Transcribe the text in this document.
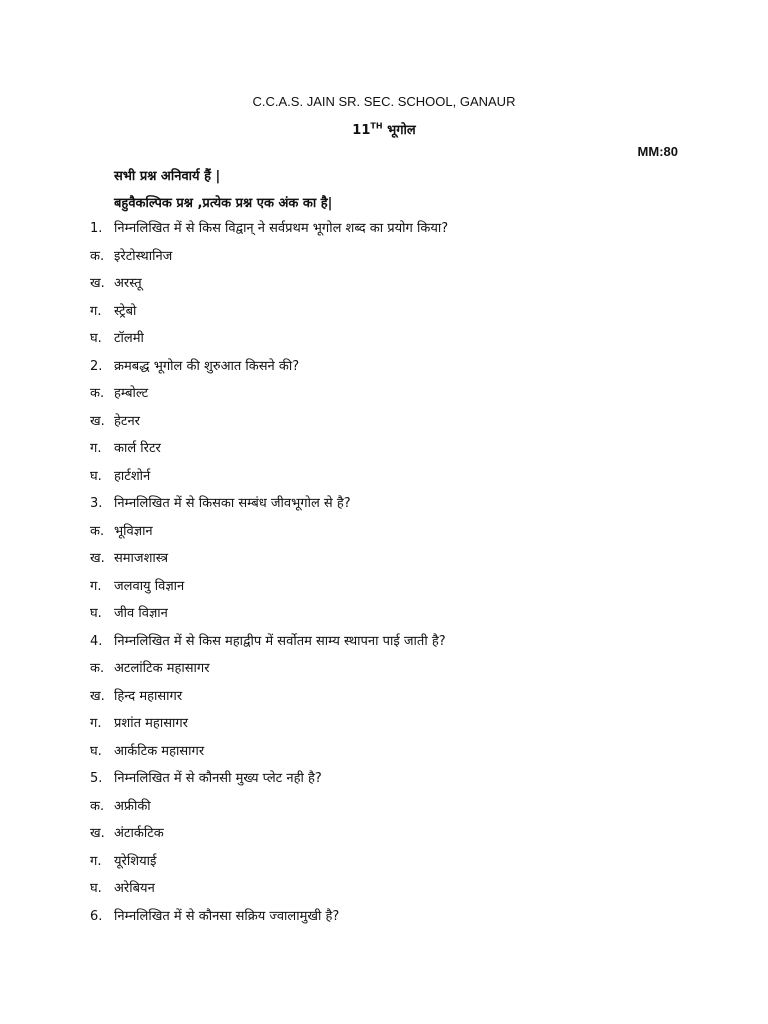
C.C.A.S. JAIN SR. SEC. SCHOOL, GANAUR
11TH भूगोल
MM:80
सभी प्रश्न अनिवार्य हैं |
बहुवैकल्पिक प्रश्न ,प्रत्येक प्रश्न एक अंक का है|
1. निम्नलिखित में से किस विद्वान् ने सर्वप्रथम भूगोल शब्द का प्रयोग किया?
क. इरेटोस्थानिज
ख. अरस्तू
ग. स्ट्रेबो
घ. टॉलमी
2. क्रमबद्ध भूगोल की शुरुआत किसने की?
क. हम्बोल्ट
ख. हेटनर
ग. कार्ल रिटर
घ. हार्टशोर्न
3. निम्नलिखित में से किसका सम्बंध जीवभूगोल से है?
क. भूविज्ञान
ख. समाजशास्त्र
ग. जलवायु विज्ञान
घ. जीव विज्ञान
4. निम्नलिखित में से किस महाद्वीप में सर्वोतम साम्य स्थापना पाई जाती है?
क. अटलांटिक महासागर
ख. हिन्द महासागर
ग. प्रशांत महासागर
घ. आर्कटिक महासागर
5. निम्नलिखित में से कौनसी मुख्य प्लेट नही है?
क. अफ्रीकी
ख. अंटार्कटिक
ग. यूरेशियाई
घ. अरेबियन
6. निम्नलिखित में से कौनसा सक्रिय ज्वालामुखी है?
